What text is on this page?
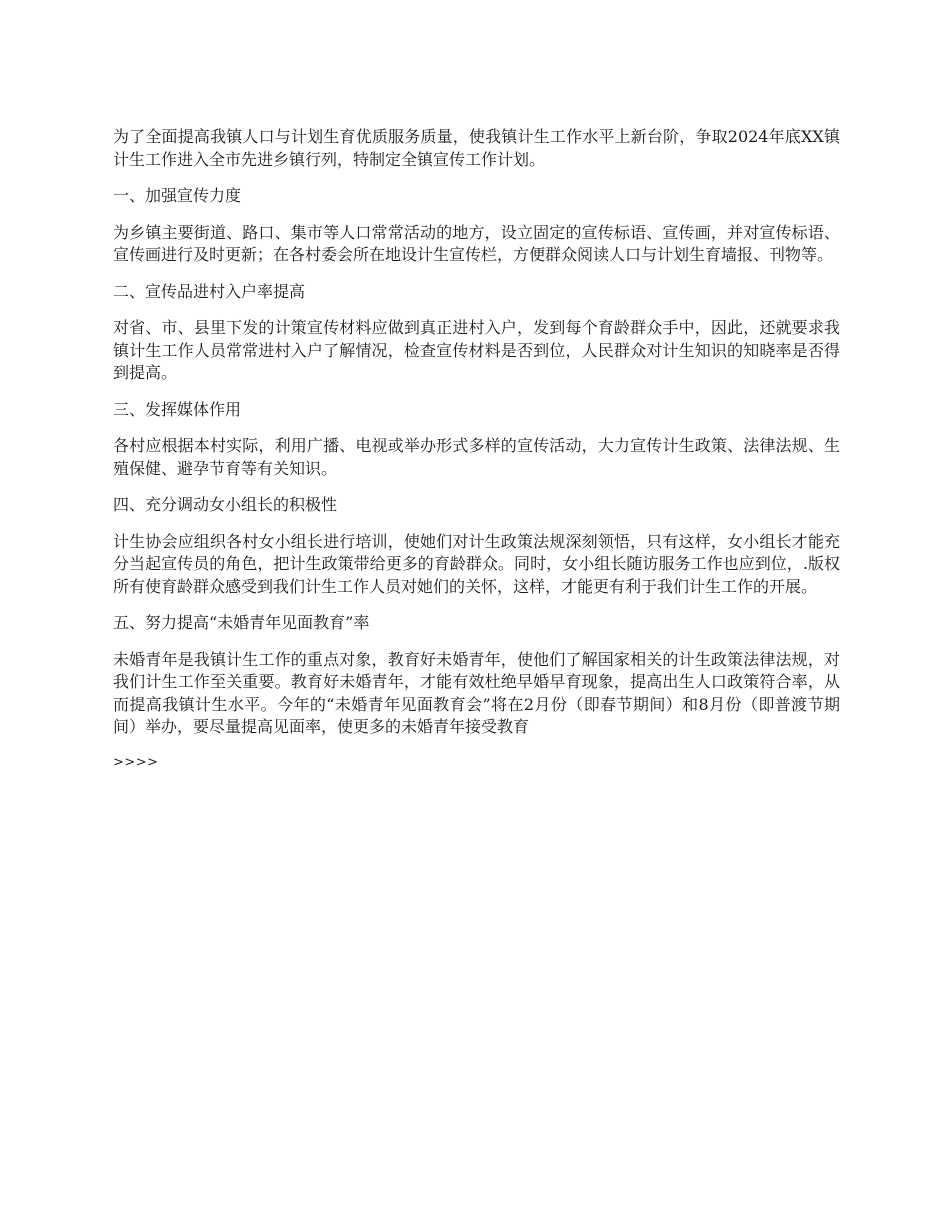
为了全面提高我镇人口与计划生育优质服务质量，使我镇计生工作水平上新台阶，争取2024年底XX镇计生工作进入全市先进乡镇行列，特制定全镇宣传工作计划。

一、加强宣传力度

为乡镇主要街道、路口、集市等人口常常活动的地方，设立固定的宣传标语、宣传画，并对宣传标语、宣传画进行及时更新；在各村委会所在地设计生宣传栏，方便群众阅读人口与计划生育墙报、刊物等。

二、宣传品进村入户率提高

对省、市、县里下发的计策宣传材料应做到真正进村入户，发到每个育龄群众手中，因此，还就要求我镇计生工作人员常常进村入户了解情况，检查宣传材料是否到位，人民群众对计生知识的知晓率是否得到提高。

三、发挥媒体作用

各村应根据本村实际，利用广播、电视或举办形式多样的宣传活动，大力宣传计生政策、法律法规、生殖保健、避孕节育等有关知识。

四、充分调动女小组长的积极性

计生协会应组织各村女小组长进行培训，使她们对计生政策法规深刻领悟，只有这样，女小组长才能充分当起宣传员的角色，把计生政策带给更多的育龄群众。同时，女小组长随访服务工作也应到位，.版权所有使育龄群众感受到我们计生工作人员对她们的关怀，这样，才能更有利于我们计生工作的开展。

五、努力提高“未婚青年见面教育”率

未婚青年是我镇计生工作的重点对象，教育好未婚青年，使他们了解国家相关的计生政策法律法规，对我们计生工作至关重要。教育好未婚青年，才能有效杜绝早婚早育现象，提高出生人口政策符合率，从而提高我镇计生水平。今年的“未婚青年见面教育会”将在2月份（即春节期间）和8月份（即普渡节期间）举办，要尽量提高见面率，使更多的未婚青年接受教育

>>>>
